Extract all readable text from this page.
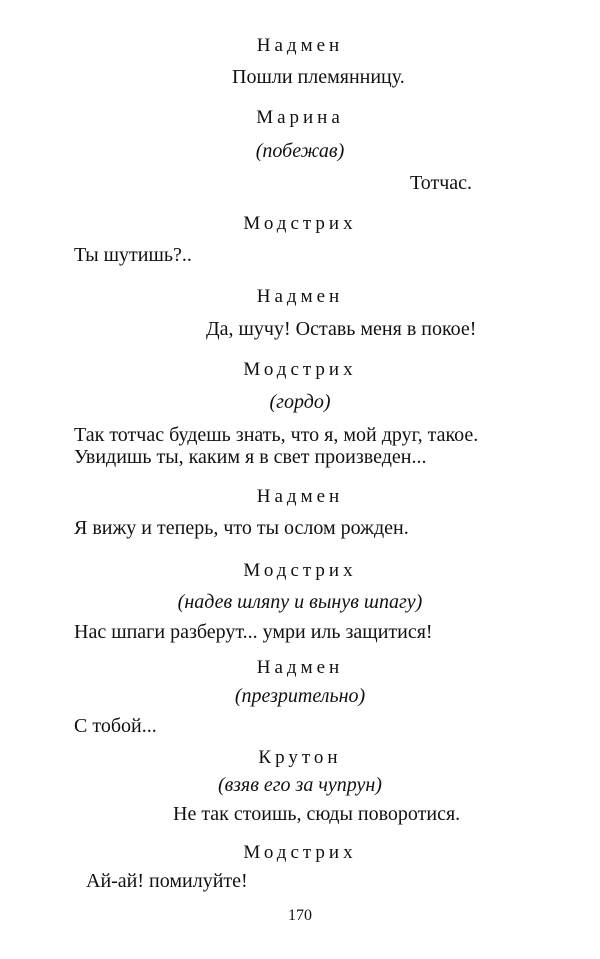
Надмен
Пошли племянницу.
Марина
(побежав)
Тотчас.
Модстрих
Ты шутишь?..
Надмен
Да, шучу! Оставь меня в покое!
Модстрих
(гордо)
Так тотчас будешь знать, что я, мой друг, такое.
Увидишь ты, каким я в свет произведен...
Надмен
Я вижу и теперь, что ты ослом рожден.
Модстрих
(надев шляпу и вынув шпагу)
Нас шпаги разберут... умри иль защитися!
Надмен
(презрительно)
С тобой...
Крутон
(взяв его за чупрун)
Не так стоишь, сюды поворотися.
Модстрих
Ай-ай! помилуйте!
170
